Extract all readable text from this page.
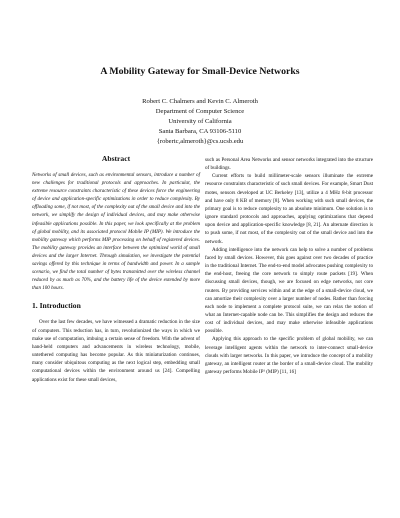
A Mobility Gateway for Small-Device Networks
Robert C. Chalmers and Kevin C. Almeroth
Department of Computer Science
University of California
Santa Barbara, CA 93106-5110
{robertc,almeroth}@cs.ucsb.edu
Abstract

Networks of small devices, such as environmental sensors, introduce a number of new challenges for traditional protocols and approaches. In particular, the extreme resource constraints characteristic of these devices force the engineering of device and application-specific optimizations in order to reduce complexity. By offloading some, if not most, of the complexity out of the small device and into the network, we simplify the design of individual devices, and may make otherwise infeasible applications possible. In this paper, we look specifically at the problem of global mobility, and its associated protocol Mobile IP (MIP). We introduce the mobility gateway which performs MIP processing on behalf of registered devices. The mobility gateway provides an interface between the optimized world of small devices and the larger Internet. Through simulation, we investigate the potential savings offered by this technique in terms of bandwidth and power. In a sample scenario, we find the total number of bytes transmitted over the wireless channel reduced by as much as 70%, and the battery life of the device extended by more than 100 hours.

1. Introduction

Over the last few decades, we have witnessed a dramatic reduction in the size of computers. This reduction has, in turn, revolutionized the ways in which we make use of computation, imbuing a certain sense of freedom. With the advent of hand-held computers and advancements in wireless technology, mobile, untethered computing has become popular. As this miniaturization continues, many consider ubiquitous computing as the next logical step, embedding small computational devices within the environment around us [24]. Compelling applications exist for these small devices,

such as Personal Area Networks and sensor networks integrated into the structure of buildings.

Current efforts to build millimeter-scale sensors illuminate the extreme resource constraints characteristic of such small devices. For example, Smart Dust motes, sensors developed at UC Berkeley [13], utilize a 4 MHz 8-bit processor and have only 8 KB of memory [8]. When working with such small devices, the primary goal is to reduce complexity to an absolute minimum. One solution is to ignore standard protocols and approaches, applying optimizations that depend upon device and application-specific knowledge [8, 21]. An alternate direction is to push some, if not most, of the complexity out of the small device and into the network.

Adding intelligence into the network can help to solve a number of problems faced by small devices. However, this goes against over two decades of practice in the traditional Internet. The end-to-end model advocates pushing complexity to the end-host, freeing the core network to simply route packets [19]. When discussing small devices, though, we are focused on edge networks, not core routers. By providing services within and at the edge of a small-device cloud, we can amortize their complexity over a larger number of nodes. Rather than forcing each node to implement a complete protocol suite, we can relax the notion of what an Internet-capable node can be. This simplifies the design and reduces the cost of individual devices, and may make otherwise infeasible applications possible.

Applying this approach to the specific problem of global mobility, we can leverage intelligent agents within the network to inter-connect small-device clouds with larger networks. In this paper, we introduce the concept of a mobility gateway, an intelligent router at the border of a small-device cloud. The mobility gateway performs Mobile IP¹ (MIP) [11, 16]
